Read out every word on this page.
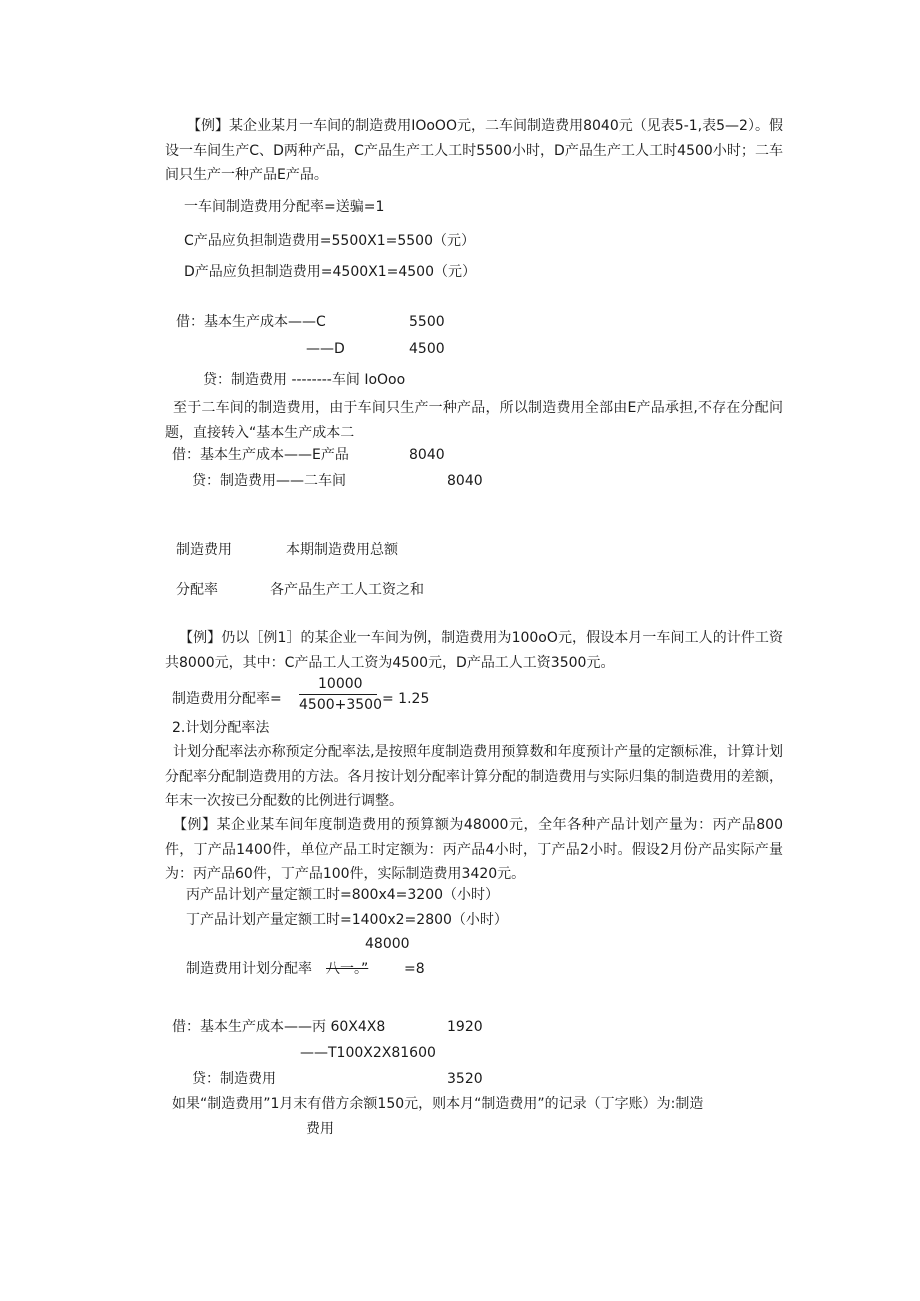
【例】某企业某月一车间的制造费用IOoOO元，二车间制造费用8040元（见表5-1,表5—2）。假设一车间生产C、D两种产品，C产品生产工人工时5500小时，D产品生产工人工时4500小时；二车间只生产一种产品E产品。
一车间制造费用分配率=送骗=1
C产品应负担制造费用=5500X1=5500（元）
D产品应负担制造费用=4500X1=4500（元）
借：基本生产成本——C	5500
——D	4500
贷：制造费用 --------车间 IoOoo
至于二车间的制造费用，由于车间只生产一种产品，所以制造费用全部由E产品承担,不存在分配问题，直接转入“基本生产成本二
借：基本生产成本——E产品	8040
贷：制造费用——二车间	8040
制造费用	本期制造费用总额
分配率	各产品生产工人工资之和
【例】仍以［例1］的某企业一车间为例，制造费用为100oO元，假设本月一车间工人的计件工资共8000元，其中：C产品工人工资为4500元，D产品工人工资3500元。
制造费用分配率=
10000
4500+3500 = 1.25
2.计划分配率法
计划分配率法亦称预定分配率法,是按照年度制造费用预算数和年度预计产量的定额标准，计算计划分配率分配制造费用的方法。各月按计划分配率计算分配的制造费用与实际归集的制造费用的差额，年末一次按已分配数的比例进行调整。
【例】某企业某车间年度制造费用的预算额为48000元，全年各种产品计划产量为：丙产品800件，丁产品1400件，单位产品工时定额为：丙产品4小时，丁产品2小时。假设2月份产品实际产量为：丙产品60件，丁产品100件，实际制造费用3420元。
丙产品计划产量定额工时=800x4=3200（小时）
丁产品计划产量定额工时=1400x2=2800（小时）
48000
制造费用计划分配率 八一。”	=8
借：基本生产成本——丙 60X4X8	1920
——T100X2X81600
贷：制造费用	3520
如果“制造费用”1月末有借方余额150元，则本月“制造费用”的记录（丁字账）为:制造
费用
